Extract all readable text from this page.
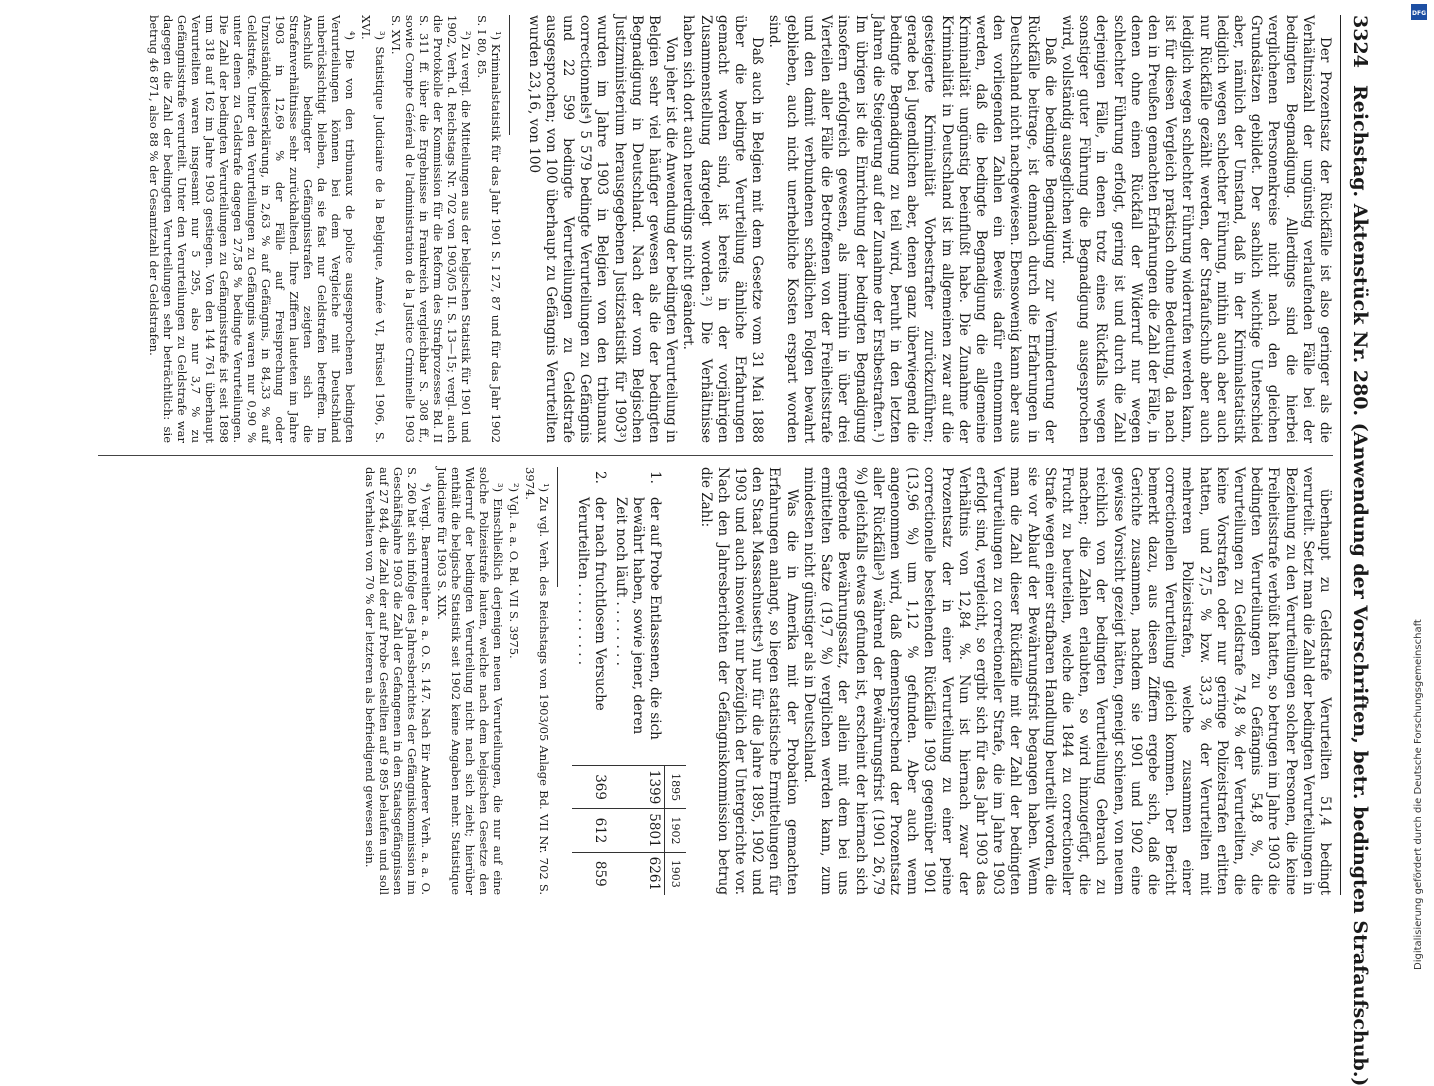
3324
Reichstag. Aktenstück Nr. 280. (Anwendung der Vorschriften, betr. bedingten Strafaufschub.)

Der Prozentsatz der Rückfälle ist also geringer als die Verhältniszahl der ungünstig verlaufenden Fälle bei der bedingten Begnadigung. Allerdings sind die hierbei verglichenen Personenkreise nicht nach den gleichen Grundsätzen gebildet. Der sachlich wichtige Unterschied aber, nämlich der Umstand, daß in der Kriminalstatistik lediglich wegen schlechter Führung, mithin auch aber auch nur Rückfälle gezählt werden, der Strafaufschub aber auch lediglich wegen schlechter Führung widerrufen werden kann, ist für diesen Vergleich praktisch ohne Bedeutung, da nach den in Preußen gemachten Erfahrungen die Zahl der Fälle, in denen ohne einen Rückfall der Widerruf nur wegen schlechter Führung erfolgt, gering ist und durch die Zahl derjenigen Fälle, in denen trotz eines Rückfalls wegen sonstiger guter Führung die Begnadigung ausgesprochen wird, vollständig ausgeglichen wird.

Daß die bedingte Begnadigung zur Verminderung der Rückfälle beitrage, ist demnach durch die Erfahrungen in Deutschland nicht nachgewiesen. Ebensowenig kann aber aus den vorliegenden Zahlen ein Beweis dafür entnommen werden, daß die bedingte Begnadigung die allgemeine Kriminalität ungünstig beeinflußt habe. Die Zunahme der Kriminalität in Deutschland ist im allgemeinen zwar auf die gesteigerte Kriminalität Vorbestrafter zurückzuführen; gerade bei Jugendlichen aber, denen ganz überwiegend die bedingte Begnadigung zu teil wird, beruht in den letzten Jahren die Steigerung auf der Zunahme der Erstbestraften.¹) Im übrigen ist die Einrichtung der bedingten Begnadigung insofern erfolgreich gewesen, als immerhin in über drei Vierteilen aller Fälle die Betroffenen von der Freiheitsstrafe und den damit verbundenen schädlichen Folgen bewahrt geblieben, auch nicht unerhebliche Kosten erspart worden sind.

Daß auch in Belgien mit dem Gesetze vom 31 Mai 1888 über die bedingte Verurteilung ähnliche Erfahrungen gemacht worden sind, ist bereits in der vorjährigen Zusammenstellung dargelegt worden.²) Die Verhältnisse haben sich dort auch neuerdings nicht geändert.

Von jeher ist die Anwendung der bedingten Verurteilung in Belgien sehr viel häufiger gewesen als die der bedingten Begnadigung in Deutschland. Nach der vom Belgischen Justizministerium herausgegebenen Justizstatistik für 1903³) wurden im Jahre 1903 in Belgien von den tribunaux correctionnels⁴) 5 579 bedingte Verurteilungen zu Gefängnis und 22 599 bedingte Verurteilungen zu Geldstrafe ausgesprochen; von 100 überhaupt zu Gefängnis Verurteilten wurden 23,16, von 100

¹) Kriminalstatistik für das Jahr 1901 S. I 27, 87 und für das Jahr 1902 S. I 80, 85.

²) Zu vergl. die Mitteilungen aus der belgischen Statistik für 1901 und 1902, Verh. d. Reichstags Nr. 702 von 1903/05 II. S. 13—15; vergl. auch die Protokolle der Kommission für die Reform des Strafprozesses Bd. II S. 311 ff. über die Ergebnisse in Frankreich vergleichbar S. 308 ff., sowie Compte Général de l'administration de la Justice Criminelle 1903 S. XVI.

³) Statistique Judiciaire de la Belgique, Année VI, Brüssel 1906, S. XVI.

⁴) Die von den tribunaux de police ausgesprochenen bedingten Verurteilungen können bei dem Vergleiche mit Deutschland unberücksichtigt bleiben, da sie fast nur Geldstrafen betreffen. Im Anschluß bedingter Gefängnisstrafen zeigten sich die Strafenverhältnisse sehr zurückhaltend. Ihre Ziffern lauteten im Jahre 1903 in 12,69 % der Fälle auf Freisprechung oder Unzuständigkeitserklärung, in 2,63 % auf Gefängnis, in 84,33 % auf Geldstrafe. Unter den Verurteilungen zu Gefängnis waren nur 0,90 % unter denen zu Geldstrafe dagegen 27,58 % bedingte Verurteilungen. Die Zahl der bedingten Verurteilungen zu Gefängnisstrafe ist seit 1898 um 318 auf 162 im Jahre 1903 gestiegen. Von den 144 761 überhaupt Verurteilten waren insgesamt nur 5 295, also nur 3,7 % zu Gefängnisstrafe verurteilt. Unter den Verurteilungen zu Geldstrafe war dagegen die Zahl der bedingten Verurteilungen sehr beträchtlich: sie betrug 46 871, also 88 % der Gesamtzahl der Geldstrafen.

überhaupt zu Geldstrafe Verurteilten 51,4 bedingt verurteilt. Setzt man die Zahl der bedingten Verurteilungen in Beziehung zu den Verurteilungen solcher Personen, die keine Freiheitsstrafe verbüßt hatten, so betrugen im Jahre 1903 die bedingten Verurteilungen zu Gefängnis 54,8 %, die Verurteilungen zu Geldstrafe 74,8 % der Verurteilten, die keine Vorstrafen oder nur geringe Polizeistrafen erlitten hatten, und 27,5 % bzw. 33,3 % der Verurteilten mit mehreren Polizeistrafen, welche zusammen einer correctionellen Verurteilung gleich kommen. Der Bericht bemerkt dazu, aus diesen Ziffern ergebe sich, daß die Gerichte zusammen, nachdem sie 1901 und 1902 eine gewisse Vorsicht gezeigt hätten, geneigt schienen, von neuem reichlich von der bedingten Verurteilung Gebrauch zu machen; die Zahlen erlaubten, so wird hinzugefügt, die Frucht zu beurteilen, welche die 1844 zu correctioneller Strafe wegen einer strafbaren Handlung beurteilt worden, die sie vor Ablauf der Bewährungsfrist begangen haben. Wenn man die Zahl dieser Rückfälle mit der Zahl der bedingten Verurteilungen zu correctioneller Strafe, die im Jahre 1903 erfolgt sind, vergleicht, so ergibt sich für das Jahr 1903 das Verhältnis von 12,84 %. Nun ist hiernach zwar der Prozentsatz der in einer Verurteilung zu einer peine correctionelle bestehenden Rückfälle 1903 gegenüber 1901 (13,96 %) um 1,12 % gefunden. Aber auch wenn angenommen wird, daß dementsprechend der Prozentsatz aller Rückfälle³) während der Bewährungsfrist (1901 26,79 %) gleichfalls etwas gefunden ist, erscheint der hiernach sich ergebende Bewährungssatz, der allein mit dem bei uns ermittelten Satze (19,7 %) verglichen werden kann, zum mindesten nicht günstiger als in Deutschland.

Was die in Amerika mit der Probation gemachten Erfahrungen anlangt, so liegen statistische Ermittelungen für den Staat Massachusetts⁴) nur für die Jahre 1895, 1902 und 1903 und auch insoweit nur bezüglich der Untergerichte vor. Nach den Jahresberichten der Gefängniskommission betrug die Zahl:

		1895	1902	1903
1.	der auf Probe Entlassenen, die sich bewährt haben, sowie jener, deren Zeit noch läuft . . . . . . . .	1399	5801	6261
2.	der nach fruchtlosem Versuche Verurteilten . . . . . . . . . .	369	612	859

¹) Zu vgl. Verh. des Reichstags von 1903/05 Anlage Bd. VII Nr. 702 S. 3974.

²) Vgl. a. a. O. Bd. VII S. 3975.

³) Einschließlich derjenigen neuen Verurteilungen, die nur auf eine solche Polizeistrafe lauten, welche nach dem belgischen Gesetze den Widerruf der bedingten Verurteilung nicht nach sich zieht; hierüber enthält die belgische Statistik seit 1902 keine Angaben mehr. Statistique Judiciaire für 1903 S. XIX.

⁴) Vergl. Baernreither a. a. O. S. 147. Nach Eir Anderer Verh. a. a. O. S. 260 hat sich infolge des Jahresberichtes der Gefängniskommission im Geschäftsjahre 1903 die Zahl der Gefangenen in den Staatsgefängnissen auf 27 844, die Zahl der auf Probe Gestellten auf 9 895 belaufen und soll das Verhalten von 70 % der letzteren als befriedigend gewesen sein.	Digitalisierung gefördert durch die Deutsche Forschungsgemeinschaft
DFG
